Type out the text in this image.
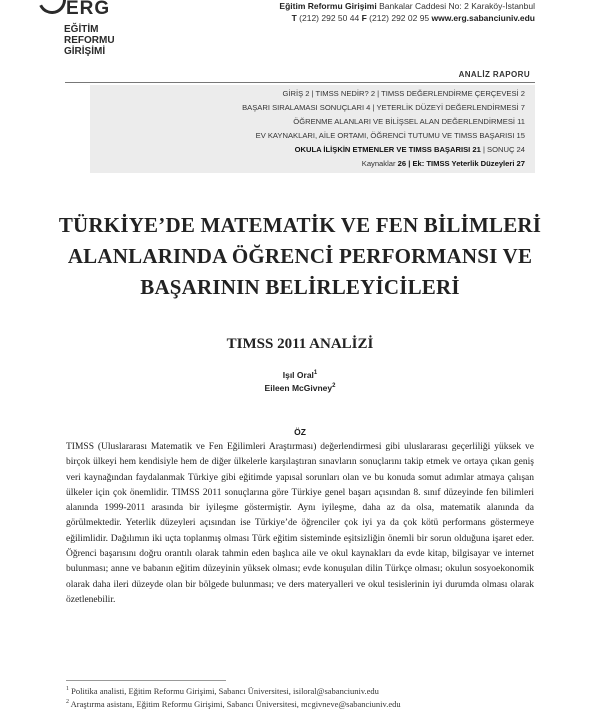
ERG
EĞİTİM
REFORMU
GİRİŞİMİ
Eğitim Reformu Girişimi Bankalar Caddesi No: 2 Karaköy-İstanbul
T (212) 292 50 44 F (212) 292 02 95 www.erg.sabanciuniv.edu
ANALİZ RAPORU
GİRİŞ 2 | TIMSS NEDİR? 2 | TIMSS DEĞERLENDİRME ÇERÇEVESİ 2
BAŞARI SIRALAMASI SONUÇLARI 4 | YETERLİK DÜZEYİ DEĞERLENDİRMESİ 7
ÖĞRENME ALANLARI VE BİLİŞSEL ALAN DEĞERLENDİRMESİ 11
EV KAYNAKLARI, AİLE ORTAMI, ÖĞRENCİ TUTUMU VE TIMSS BAŞARISI 15
OKULA İLİŞKİN ETMENLER VE TIMSS BAŞARISI 21 | SONUÇ 24
Kaynaklar 26 | Ek: TIMSS Yeterlik Düzeyleri 27
TÜRKİYE’DE MATEMATİK VE FEN BİLİMLERİ
ALANLARINDA ÖĞRENCİ PERFORMANSI VE
BAŞARININ BELİRLEYİCİLERİ
TIMSS 2011 ANALİZİ
Işıl Oral$^1$
Eileen McGivney$^2$
ÖZ

TIMSS (Uluslararası Matematik ve Fen Eğilimleri Araştırması) değerlendirmesi gibi uluslararası geçerliliği yüksek ve birçok ülkeyi hem kendisiyle hem de diğer ülkelerle karşılaştıran sınavların sonuçlarını takip etmek ve ortaya çıkan geniş veri kaynağından faydalanmak Türkiye gibi eğitimde yapısal sorunları olan ve bu konuda somut adımlar atmaya çalışan ülkeler için çok önemlidir. TIMSS 2011 sonuçlarına göre Türkiye genel başarı açısından 8. sınıf düzeyinde fen bilimleri alanında 1999-2011 arasında bir iyileşme göstermiştir. Aynı iyileşme, daha az da olsa, matematik alanında da görülmektedir. Yeterlik düzeyleri açısından ise Türkiye’de öğrenciler çok iyi ya da çok kötü performans göstermeye eğilimlidir. Dağılımın iki uçta toplanmış olması Türk eğitim sisteminde eşitsizliğin önemli bir sorun olduğuna işaret eder. Öğrenci başarısını doğru orantılı olarak tahmin eden başlıca aile ve okul kaynakları da evde kitap, bilgisayar ve internet bulunması; anne ve babanın eğitim düzeyinin yüksek olması; evde konuşulan dilin Türkçe olması; okulun sosyoekonomik olarak daha ileri düzeyde olan bir bölgede bulunması; ve ders materyalleri ve okul tesislerinin iyi durumda olması olarak özetlenebilir.

$^1$ Politika analisti, Eğitim Reformu Girişimi, Sabancı Üniversitesi, isiloral@sabanciuniv.edu
$^2$ Araştırma asistanı, Eğitim Reformu Girişimi, Sabancı Üniversitesi, mcgivneve@sabanciuniv.edu
